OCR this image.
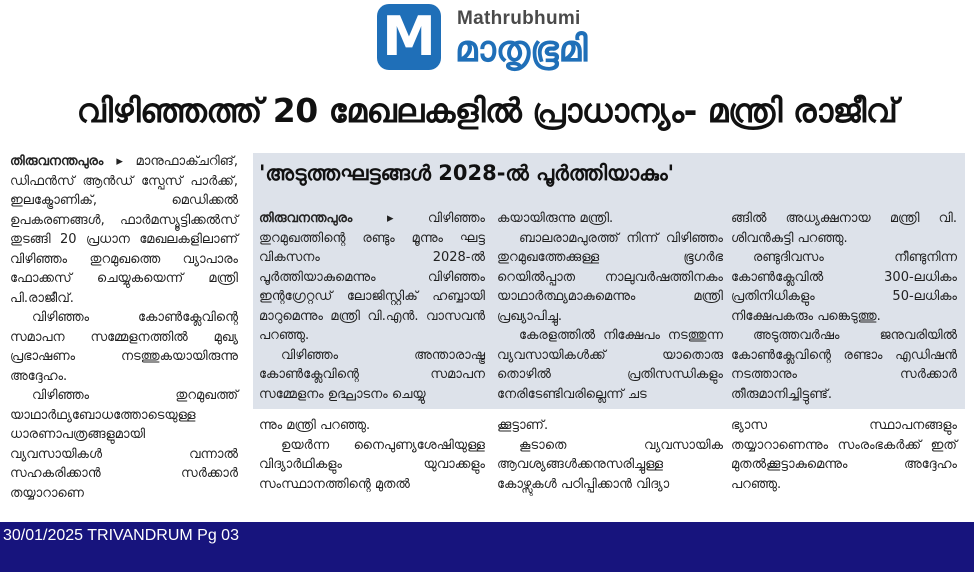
M Mathrubhumi
മാതൃഭൂമി
വിഴിഞ്ഞത്ത് 20 മേഖലകളിൽ പ്രാധാന്യം- മന്ത്രി രാജീവ്

തിരുവനന്തപുരം ▸ മാനുഫാക്ചറിങ്, ഡിഫൻസ് ആൻഡ് സ്പേസ് പാർക്ക്, ഇലക്ട്രോണിക്, മെഡിക്കൽ ഉപകരണങ്ങൾ, ഫാർമസ്യൂട്ടിക്കൽസ് തുടങ്ങി 20 പ്രധാന മേഖലകളിലാണ് വിഴിഞ്ഞം തുറമുഖത്തെ വ്യാപാരം ഫോക്കസ് ചെയ്യുകയെന്ന് മന്ത്രി പി.രാജീവ്.

വിഴിഞ്ഞം കോൺക്ലേവിന്റെ സമാപന സമ്മേളനത്തിൽ മുഖ്യ പ്രഭാഷണം നടത്തുകയായിരുന്നു അദ്ദേഹം.

വിഴിഞ്ഞം തുറമുഖത്ത് യാഥാർഥ്യബോധത്തോടെയുള്ള ധാരണാപത്രങ്ങളുമായി വ്യവസായികൾ വന്നാൽ സഹകരിക്കാൻ സർക്കാർ തയ്യാറാണെ

'അടുത്തഘട്ടങ്ങൾ 2028-ൽ പൂർത്തിയാകും'

തിരുവനന്തപുരം ▸ വിഴിഞ്ഞം തുറമുഖത്തിന്റെ രണ്ടും മൂന്നും ഘട്ട വികസനം 2028-ൽ പൂർത്തിയാകുമെന്നും വിഴിഞ്ഞം ഇന്റഗ്രേറ്റഡ് ലോജിസ്റ്റിക് ഹബ്ബായി മാറുമെന്നും മന്ത്രി വി.എൻ. വാസവൻ പറഞ്ഞു.

വിഴിഞ്ഞം അന്താരാഷ്ട്ര കോൺക്ലേവിന്റെ സമാപന സമ്മേളനം ഉദ്ഘാടനം ചെയ്യു

കയായിരുന്നു മന്ത്രി.

ബാലരാമപുരത്ത് നിന്ന് വിഴിഞ്ഞം തുറമുഖത്തേക്കുള്ള ഭൂഗർഭ റെയിൽപ്പാത നാലുവർഷത്തിനകം യാഥാർത്ഥ്യമാകുമെന്നും മന്ത്രി പ്രഖ്യാപിച്ചു.

കേരളത്തിൽ നിക്ഷേപം നടത്തുന്ന വ്യവസായികൾക്ക് യാതൊരു തൊഴിൽ പ്രതിസന്ധികളും നേരിടേണ്ടിവരില്ലെന്ന് ചട

ങ്ങിൽ അധ്യക്ഷനായ മന്ത്രി വി. ശിവൻകുട്ടി പറഞ്ഞു.

രണ്ടുദിവസം നീണ്ടുനിന്ന കോൺക്ലേവിൽ 300-ലധികം പ്രതിനിധികളും 50-ലധികം നിക്ഷേപകരും പങ്കെടുത്തു.

അടുത്തവർഷം ജനുവരിയിൽ കോൺക്ലേവിന്റെ രണ്ടാം എഡിഷൻ നടത്താനും സർക്കാർ തീരുമാനിച്ചിട്ടുണ്ട്.

ന്നും മന്ത്രി പറഞ്ഞു.

ഉയർന്ന നൈപുണ്യശേഷിയുള്ള വിദ്യാർഥികളും യുവാക്കളും സംസ്ഥാനത്തിന്റെ മുതൽ

ക്കൂട്ടാണ്.

കൂടാതെ വ്യവസായിക ആവശ്യങ്ങൾക്കനുസരിച്ചുള്ള കോഴ്സുകൾ പഠിപ്പിക്കാൻ വിദ്യാ

ഭ്യാസ സ്ഥാപനങ്ങളും തയ്യാറാണെന്നും സംരംഭകർക്ക് ഇത് മുതൽക്കൂട്ടാകുമെന്നും അദ്ദേഹം പറഞ്ഞു.

30/01/2025 TRIVANDRUM Pg 03
